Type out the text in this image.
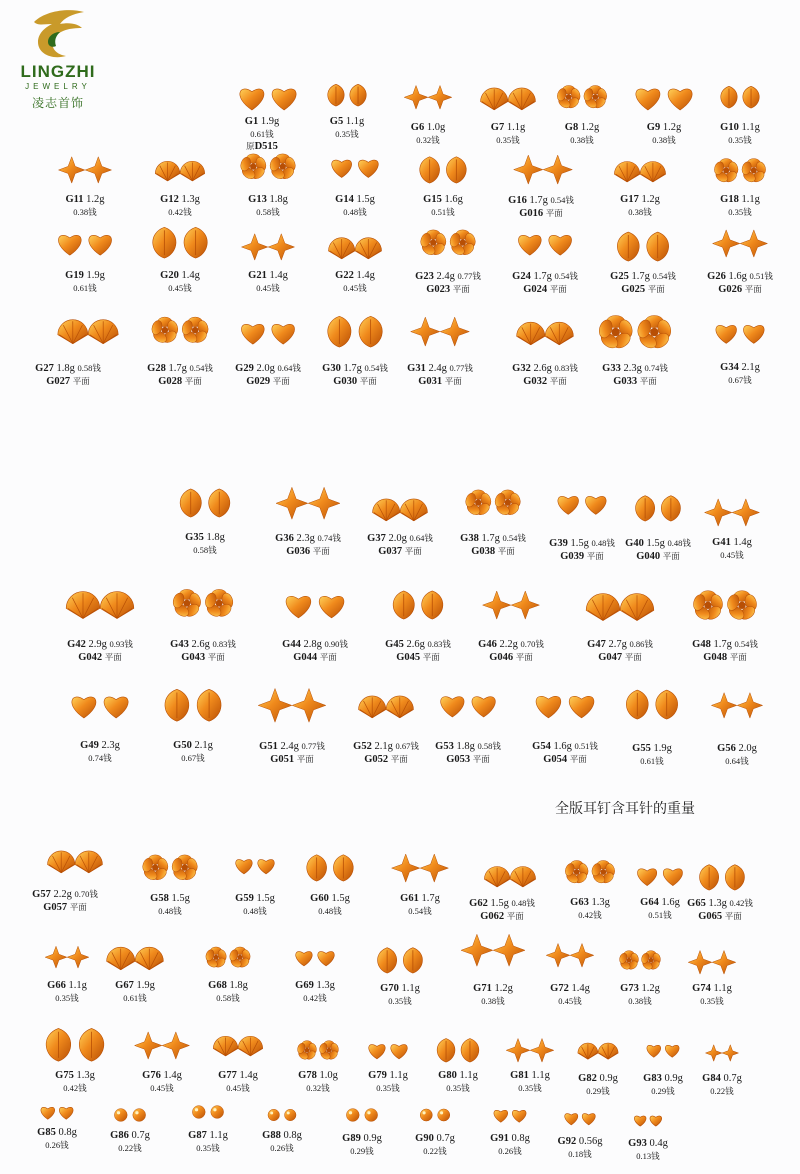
LINGZHI
JEWELRY
凌志首饰
全版耳钉含耳针的重量
G1 1.9g
0.61钱
原D515
G5 1.1g
0.35钱
G6 1.0g
0.32钱
G7 1.1g
0.35钱
G8 1.2g
0.38钱
G9 1.2g
0.38钱
G10 1.1g
0.35钱
G11 1.2g
0.38钱
G12 1.3g
0.42钱
G13 1.8g
0.58钱
G14 1.5g
0.48钱
G15 1.6g
0.51钱
G16 1.7g 0.54钱
G016 平面
G17 1.2g
0.38钱
G18 1.1g
0.35钱
G19 1.9g
0.61钱
G20 1.4g
0.45钱
G21 1.4g
0.45钱
G22 1.4g
0.45钱
G23 2.4g 0.77钱
G023 平面
G24 1.7g 0.54钱
G024 平面
G25 1.7g 0.54钱
G025 平面
G26 1.6g 0.51钱
G026 平面
G27 1.8g 0.58钱
G027 平面
G28 1.7g 0.54钱
G028 平面
G29 2.0g 0.64钱
G029 平面
G30 1.7g 0.54钱
G030 平面
G31 2.4g 0.77钱
G031 平面
G32 2.6g 0.83钱
G032 平面
G33 2.3g 0.74钱
G033 平面
G34 2.1g
0.67钱
G35 1.8g
0.58钱
G36 2.3g 0.74钱
G036 平面
G37 2.0g 0.64钱
G037 平面
G38 1.7g 0.54钱
G038 平面
G39 1.5g 0.48钱
G039 平面
G40 1.5g 0.48钱
G040 平面
G41 1.4g
0.45钱
G42 2.9g 0.93钱
G042 平面
G43 2.6g 0.83钱
G043 平面
G44 2.8g 0.90钱
G044 平面
G45 2.6g 0.83钱
G045 平面
G46 2.2g 0.70钱
G046 平面
G47 2.7g 0.86钱
G047 平面
G48 1.7g 0.54钱
G048 平面
G49 2.3g
0.74钱
G50 2.1g
0.67钱
G51 2.4g 0.77钱
G051 平面
G52 2.1g 0.67钱
G052 平面
G53 1.8g 0.58钱
G053 平面
G54 1.6g 0.51钱
G054 平面
G55 1.9g
0.61钱
G56 2.0g
0.64钱
G57 2.2g 0.70钱
G057 平面
G58 1.5g
0.48钱
G59 1.5g
0.48钱
G60 1.5g
0.48钱
G61 1.7g
0.54钱
G62 1.5g 0.48钱
G062 平面
G63 1.3g
0.42钱
G64 1.6g
0.51钱
G65 1.3g 0.42钱
G065 平面
G66 1.1g
0.35钱
G67 1.9g
0.61钱
G68 1.8g
0.58钱
G69 1.3g
0.42钱
G70 1.1g
0.35钱
G71 1.2g
0.38钱
G72 1.4g
0.45钱
G73 1.2g
0.38钱
G74 1.1g
0.35钱
G75 1.3g
0.42钱
G76 1.4g
0.45钱
G77 1.4g
0.45钱
G78 1.0g
0.32钱
G79 1.1g
0.35钱
G80 1.1g
0.35钱
G81 1.1g
0.35钱
G82 0.9g
0.29钱
G83 0.9g
0.29钱
G84 0.7g
0.22钱
G85 0.8g
0.26钱
G86 0.7g
0.22钱
G87 1.1g
0.35钱
G88 0.8g
0.26钱
G89 0.9g
0.29钱
G90 0.7g
0.22钱
G91 0.8g
0.26钱
G92 0.56g
0.18钱
G93 0.4g
0.13钱
